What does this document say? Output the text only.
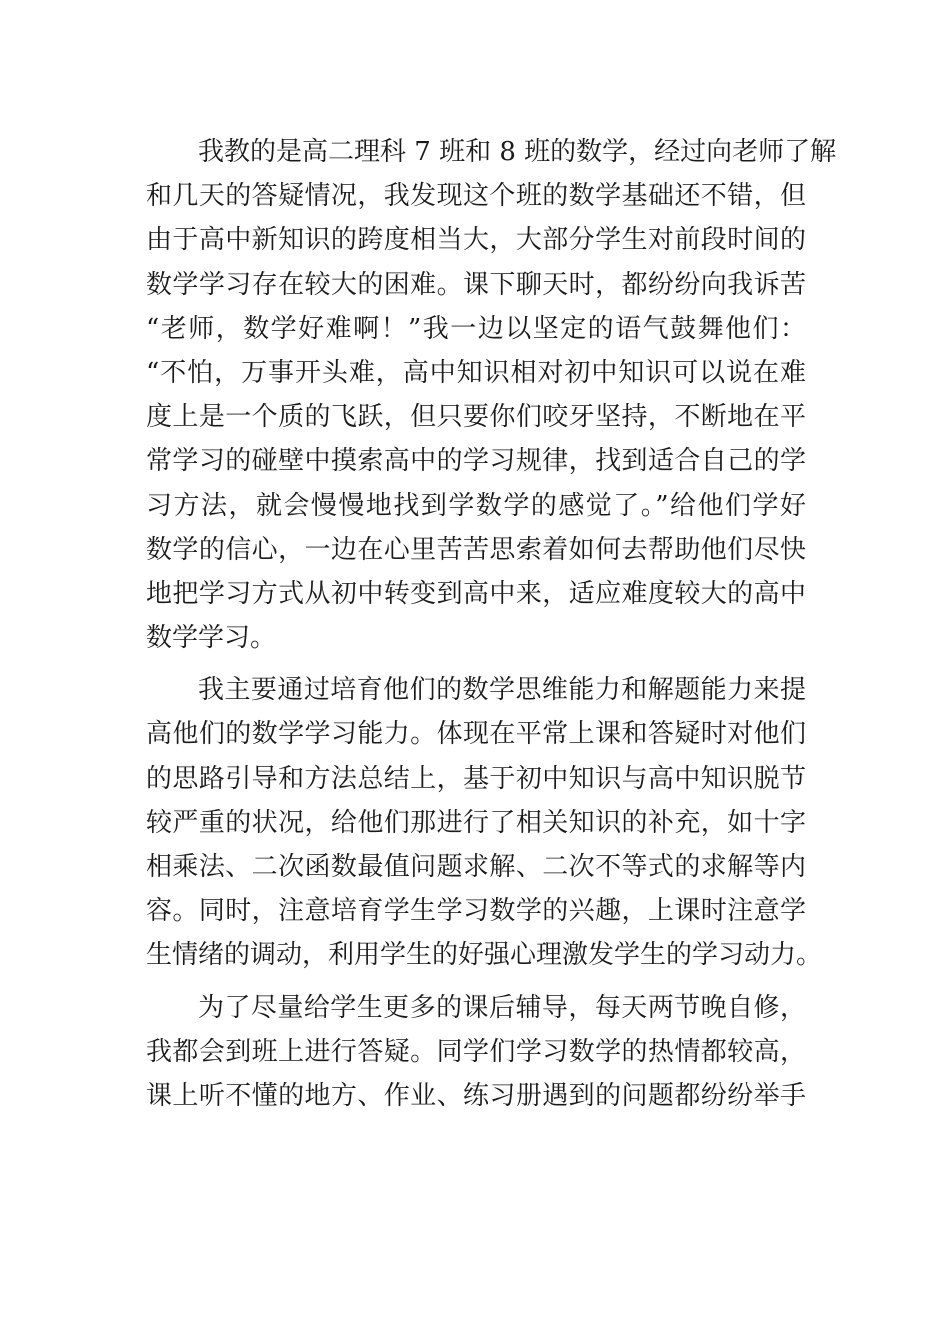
我教的是高二理科 7 班和 8 班的数学，经过向老师了解
和几天的答疑情况，我发现这个班的数学基础还不错，但
由于高中新知识的跨度相当大，大部分学生对前段时间的
数学学习存在较大的困难。课下聊天时，都纷纷向我诉苦
“老师，数学好难啊！”我一边以坚定的语气鼓舞他们：
“不怕，万事开头难，高中知识相对初中知识可以说在难
度上是一个质的飞跃，但只要你们咬牙坚持，不断地在平
常学习的碰壁中摸索高中的学习规律，找到适合自己的学
习方法，就会慢慢地找到学数学的感觉了。”给他们学好
数学的信心，一边在心里苦苦思索着如何去帮助他们尽快
地把学习方式从初中转变到高中来，适应难度较大的高中
数学学习。
我主要通过培育他们的数学思维能力和解题能力来提
高他们的数学学习能力。体现在平常上课和答疑时对他们
的思路引导和方法总结上，基于初中知识与高中知识脱节
较严重的状况，给他们那进行了相关知识的补充，如十字
相乘法、二次函数最值问题求解、二次不等式的求解等内
容。同时，注意培育学生学习数学的兴趣，上课时注意学
生情绪的调动，利用学生的好强心理激发学生的学习动力。
为了尽量给学生更多的课后辅导，每天两节晚自修，
我都会到班上进行答疑。同学们学习数学的热情都较高，
课上听不懂的地方、作业、练习册遇到的问题都纷纷举手
